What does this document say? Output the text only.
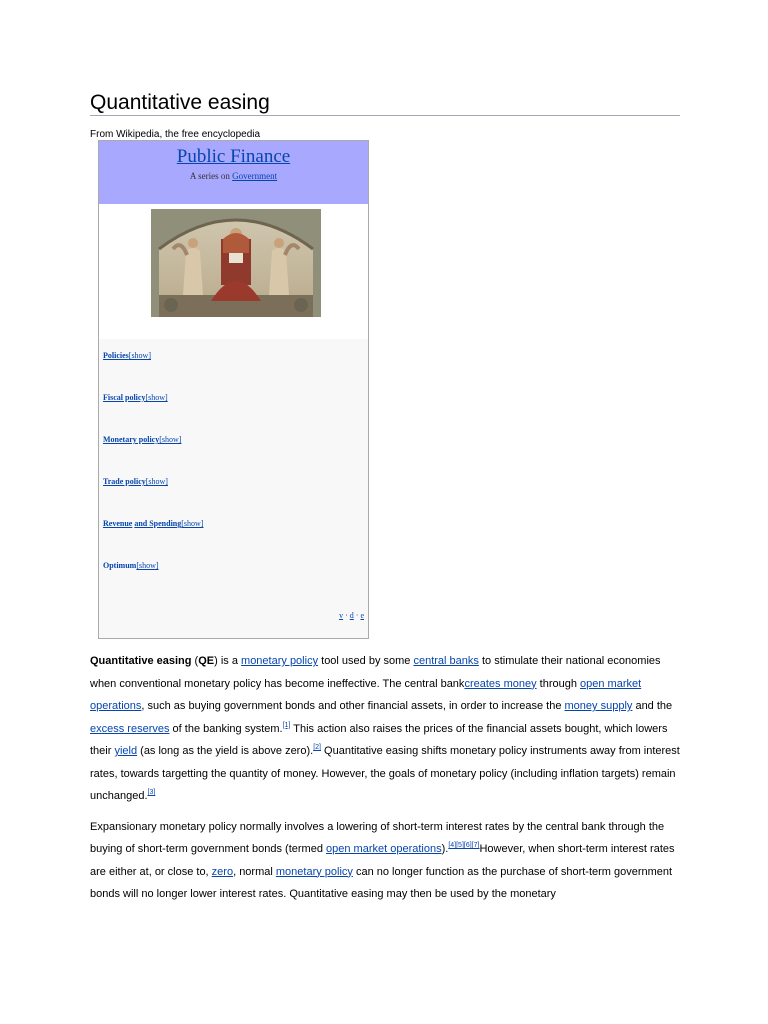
Quantitative easing
From Wikipedia, the free encyclopedia
Public Finance
A series on Government
Policies[show]
Fiscal policy[show]
Monetary policy[show]
Trade policy[show]
Revenue and Spending[show]
Optimum[show]
v · d · e

Quantitative easing (QE) is a monetary policy tool used by some central banks to stimulate their national economies when conventional monetary policy has become ineffective. The central bankcreates money through open market operations, such as buying government bonds and other financial assets, in order to increase the money supply and the excess reserves of the banking system.[1] This action also raises the prices of the financial assets bought, which lowers their yield (as long as the yield is above zero).[2] Quantitative easing shifts monetary policy instruments away from interest rates, towards targetting the quantity of money. However, the goals of monetary policy (including inflation targets) remain unchanged.[3]

Expansionary monetary policy normally involves a lowering of short-term interest rates by the central bank through the buying of short-term government bonds (termed open market operations).[4][5][6][7]However, when short-term interest rates are either at, or close to, zero, normal monetary policy can no longer function as the purchase of short-term government bonds will no longer lower interest rates. Quantitative easing may then be used by the monetary
